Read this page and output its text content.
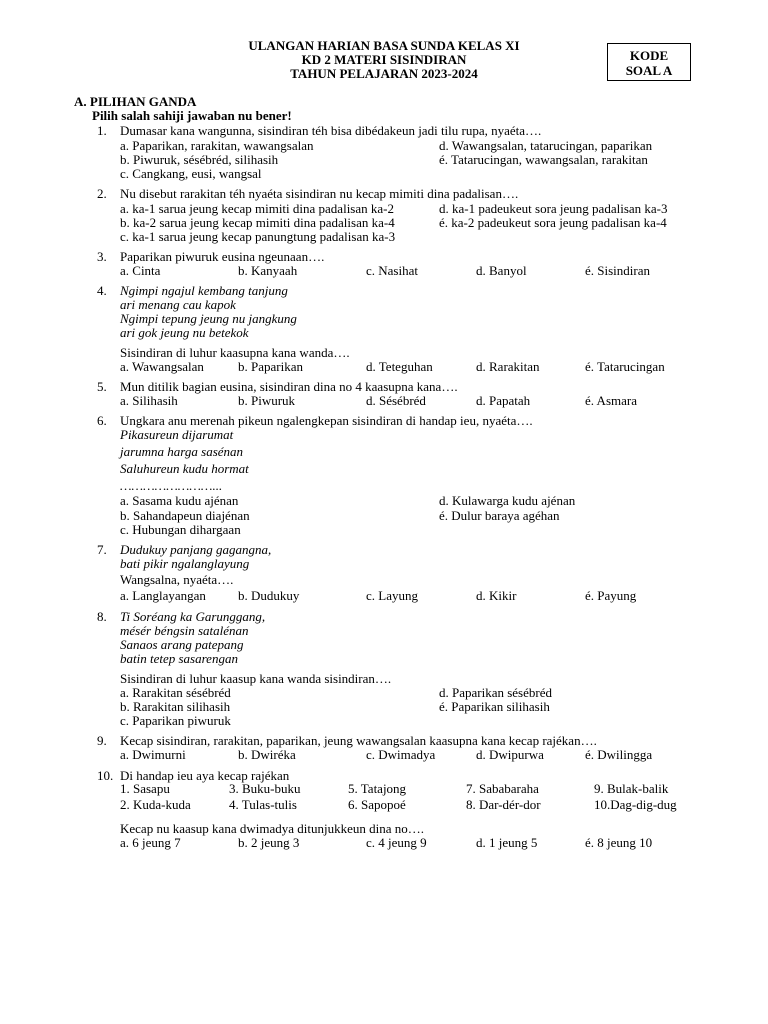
ULANGAN HARIAN BASA SUNDA KELAS XI
KD 2 MATERI SISINDIRAN
TAHUN PELAJARAN 2023-2024
KODE
SOAL A
A. PILIHAN GANDA
Pilih salah sahiji jawaban nu bener!
1. Dumasar kana wangunna, sisindiran téh bisa dibédakeun jadi tilu rupa, nyaéta….
a. Paparikan, rarakitan, wawangsalan
b. Piwuruk, sésébréd, silihasih
c. Cangkang, eusi, wangsal
d. Wawangsalan, tatarucingan, paparikan
é. Tatarucingan, wawangsalan, rarakitan
2. Nu disebut rarakitan téh nyaéta sisindiran nu kecap mimiti dina padalisan….
a. ka-1 sarua jeung kecap mimiti dina padalisan ka-2
b. ka-2 sarua jeung kecap mimiti dina padalisan ka-4
c. ka-1 sarua jeung kecap panungtung padalisan ka-3
d. ka-1 padeukeut sora jeung padalisan ka-3
é. ka-2 padeukeut sora jeung padalisan ka-4
3. Paparikan piwuruk eusina ngeunaan….
a. Cinta	b. Kanyaah	c. Nasihat	d. Banyol	é. Sisindiran
4. Ngimpi ngajul kembang tanjung
ari menang cau kapok
Ngimpi tepung jeung nu jangkung
ari gok jeung nu betekok
Sisindiran di luhur kaasupna kana wanda….
a. Wawangsalan	b. Paparikan	d. Teteguhan	d. Rarakitan	é. Tatarucingan
5. Mun ditilik bagian eusina, sisindiran dina no 4 kaasupna kana….
a. Silihasih	b. Piwuruk	d. Sésébréd	d. Papatah	é. Asmara
6. Ungkara anu merenah pikeun ngalengkepan sisindiran di handap ieu, nyaéta….
Pikasureun dijarumat
jarumna harga sasénan
Saluhureun kudu hormat
……………………...
a. Sasama kudu ajénan
b. Sahandapeun diajénan
c. Hubungan dihargaan
d. Kulawarga kudu ajénan
é. Dulur baraya agéhan
7. Dudukuy panjang gagangna,
bati pikir ngalanglayung
Wangsalna, nyaéta….
a. Langlayangan b. Dudukuy	c. Layung	d. Kikir	é. Payung
8. Ti Soréang ka Garunggang,
mésér béngsin satalénan
Sanaos arang patepang
batin tetep sasarengan
Sisindiran di luhur kaasup kana wanda sisindiran….
a. Rarakitan sésébréd
b. Rarakitan silihasih
c. Paparikan piwuruk
d. Paparikan sésébréd
é. Paparikan silihasih
9. Kecap sisindiran, rarakitan, paparikan, jeung wawangsalan kaasupna kana kecap rajékan….
a. Dwimurni	b. Dwiréka	c. Dwimadya	d. Dwipurwa	é. Dwilingga
10. Di handap ieu aya kecap rajékan
1. Sasapu	3. Buku-buku	5. Tatajong	7. Sababaraha	9. Bulak-balik
2. Kuda-kuda	4. Tulas-tulis	6. Sapopoé	8. Dar-dér-dor	10.Dag-dig-dug
Kecap nu kaasup kana dwimadya ditunjukkeun dina no….
a. 6 jeung 7	b. 2 jeung 3	c. 4 jeung 9	d. 1 jeung 5	é. 8 jeung 10
